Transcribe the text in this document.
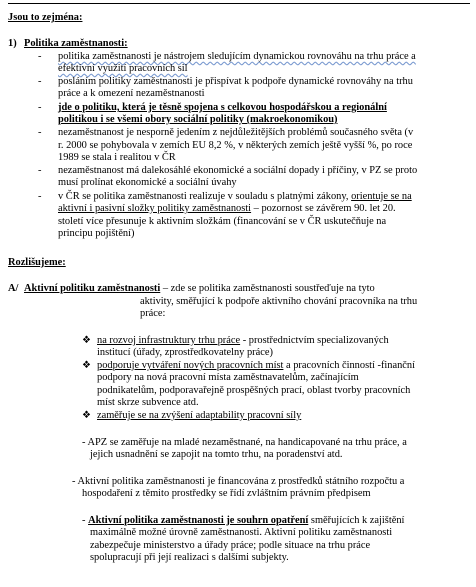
Jsou to zejména:
1) Politika zaměstnanosti:
- politika zaměstnanosti je nástrojem sledujícím dynamickou rovnováhu na trhu práce a
efektivní využití pracovních sil
- posláním politiky zaměstnanosti je přispívat k podpoře dynamické rovnováhy na trhu
práce a k omezení nezaměstnanosti
- jde o politiku, která je těsně spojena s celkovou hospodářskou a regionální
politikou i se všemi obory sociální politiky (makroekonomikou)
- nezaměstnanost je nesporně jedením z nejdůležitějších problémů současného světa (v
r. 2000 se pohybovala v zemích EU 8,2 %, v některých zemích ještě vyšší %, po roce
1989 se stala i realitou v ČR
- nezaměstnanost má dalekosáhlé ekonomické a sociální dopady i příčiny, v PZ se proto
musí prolínat ekonomické a sociální úvahy
- v ČR se politika zaměstnanosti realizuje v souladu s platnými zákony, orientuje se na
aktivní i pasivní složky politiky zaměstnanosti – pozornost se závěrem 90. let 20.
století více přesunuje k aktivním složkám (financování se v ČR uskutečňuje na
principu pojištění)
Rozlišujeme:
A/ Aktivní politiku zaměstnanosti – zde se politika zaměstnanosti soustřeďuje na tyto
aktivity, směřující k podpoře aktivního chování pracovníka na trhu
práce:
❖ na rozvoj infrastruktury trhu práce - prostřednictvím specializovaných
institucí (úřady, zprostředkovatelny práce)
❖ podporuje vytváření nových pracovních míst a pracovních činností -finanční
podpory na nová pracovní místa zaměstnavatelům, začínajícím
podnikatelům, podporavařejně prospěšných prací, oblast tvorby pracovních
míst skrze subvence atd.
❖ zaměřuje se na zvýšení adaptability pracovní síly
- APZ se zaměřuje na mladé nezaměstnané, na handicapované na trhu práce, a
jejich usnadnění se zapojit na tomto trhu, na poradenství atd.
- Aktivní politika zaměstnanosti je financována z prostředků státního rozpočtu a
hospodaření z těmito prostředky se řídí zvláštním právním předpisem
- Aktivní politika zaměstnanosti je souhrn opatření směřujících k zajištění
maximálně možné úrovně zaměstnanosti. Aktivní politiku zaměstnanosti
zabezpečuje ministerstvo a úřady práce; podle situace na trhu práce
spolupracují při její realizaci s dalšími subjekty.
